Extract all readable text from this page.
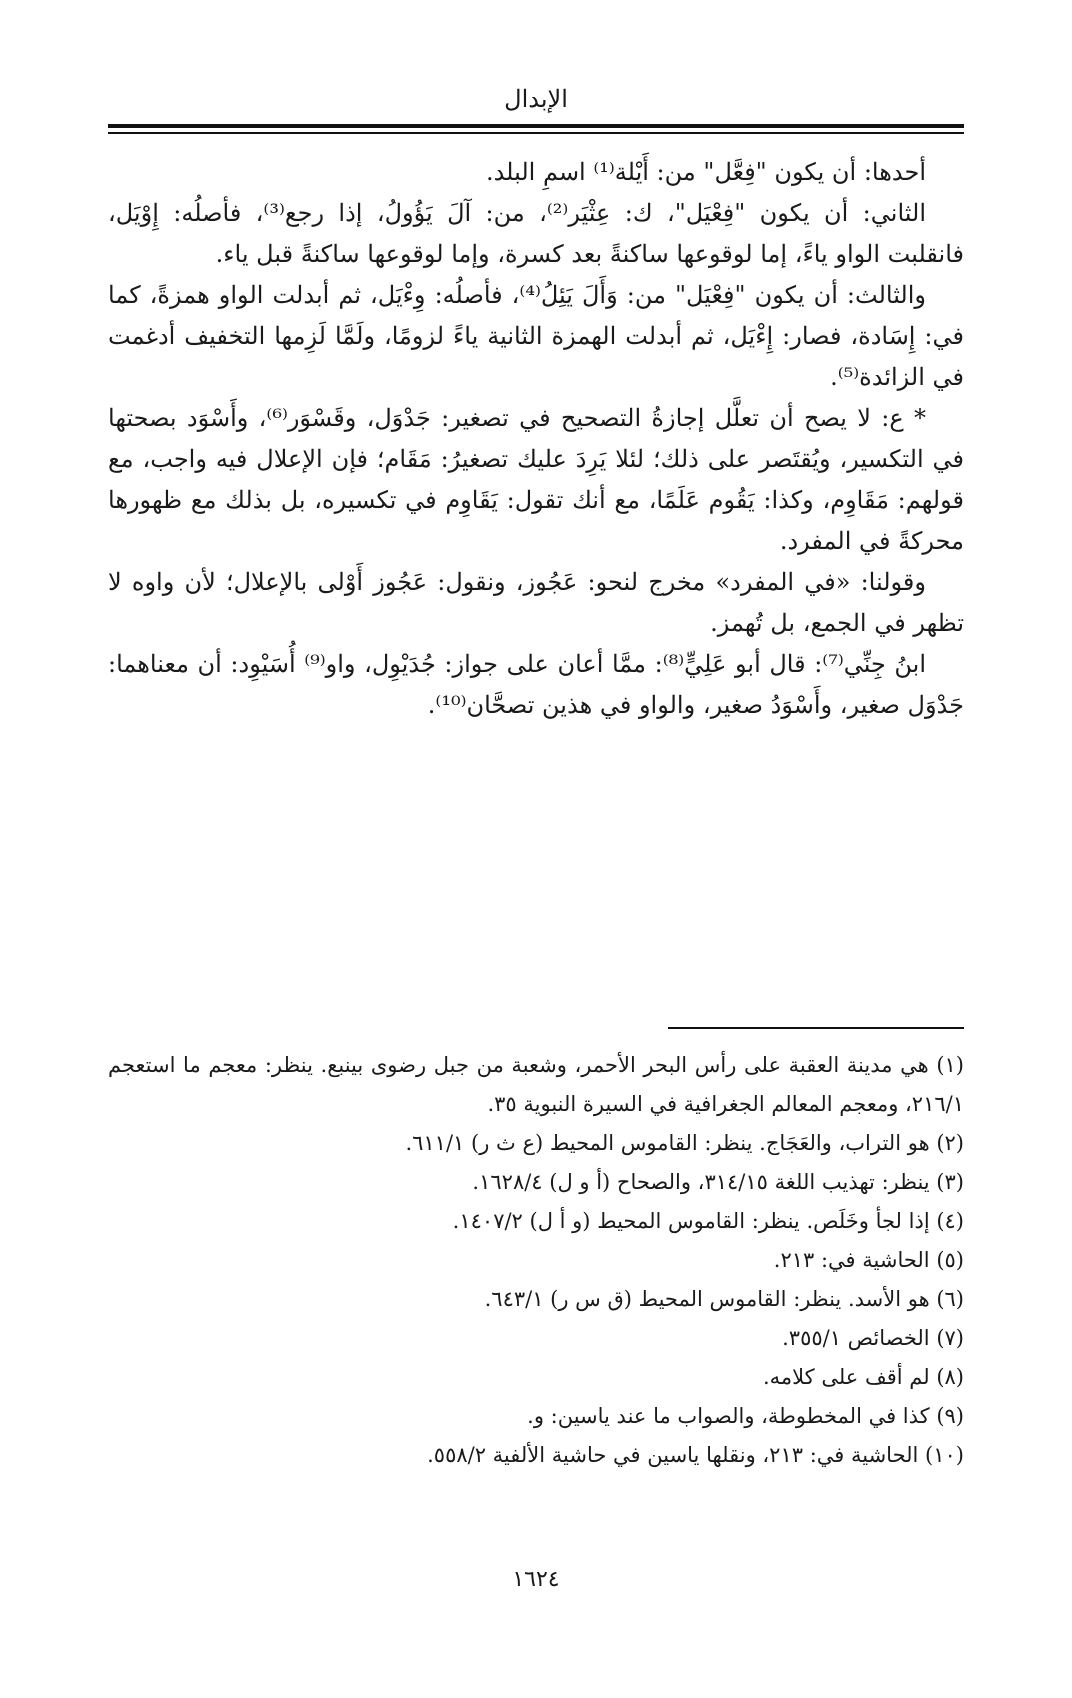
الإبدال

أحدها: أن يكون "فِعَّل" من: أَيْلة⁽¹⁾ اسمِ البلد.

الثاني: أن يكون "فِعْيَل"، ك: عِثْيَر⁽²⁾، من: آلَ يَؤُولُ، إذا رجع⁽³⁾، فأصلُه: إِوْيَل، فانقلبت الواو ياءً، إما لوقوعها ساكنةً بعد كسرة، وإما لوقوعها ساكنةً قبل ياء.

والثالث: أن يكون "فِعْيَل" من: وَأَلَ يَئِلُ⁽⁴⁾، فأصلُه: وِءْيَل، ثم أبدلت الواو همزةً، كما في: إِسَادة، فصار: إِءْيَل، ثم أبدلت الهمزة الثانية ياءً لزومًا، ولَمَّا لَزِمها التخفيف أدغمت في الزائدة⁽⁵⁾.

* ع: لا يصح أن تعلَّل إجازةُ التصحيح في تصغير: جَدْوَل، وقَسْوَر⁽⁶⁾، وأَسْوَد بصحتها في التكسير، ويُقتَصر على ذلك؛ لئلا يَرِدَ عليك تصغيرُ: مَقَام؛ فإن الإعلال فيه واجب، مع قولهم: مَقَاوِم، وكذا: يَقُوم عَلَمًا، مع أنك تقول: يَقَاوِم في تكسيره، بل بذلك مع ظهورها محركةً في المفرد.

وقولنا: «في المفرد» مخرج لنحو: عَجُوز، ونقول: عَجُوز أَوْلى بالإعلال؛ لأن واوه لا تظهر في الجمع، بل تُهمز.

ابنُ جِنِّي⁽⁷⁾: قال أبو عَلِيٍّ⁽⁸⁾: ممَّا أعان على جواز: جُدَيْوِل، واو⁽⁹⁾ أُسَيْوِد: أن معناهما: جَدْوَل صغير، وأَسْوَدُ صغير، والواو في هذين تصحَّان⁽¹⁰⁾.

(١) هي مدينة العقبة على رأس البحر الأحمر، وشعبة من جبل رضوى بينبع. ينظر: معجم ما استعجم ٢١٦/١، ومعجم المعالم الجغرافية في السيرة النبوية ٣٥.

(٢) هو التراب، والعَجَاج. ينظر: القاموس المحيط (ع ث ر) ٦١١/١.

(٣) ينظر: تهذيب اللغة ٣١٤/١٥، والصحاح (أ و ل) ١٦٢٨/٤.

(٤) إذا لجأ وخَلَص. ينظر: القاموس المحيط (و أ ل) ١٤٠٧/٢.

(٥) الحاشية في: ٢١٣.

(٦) هو الأسد. ينظر: القاموس المحيط (ق س ر) ٦٤٣/١.

(٧) الخصائص ٣٥٥/١.

(٨) لم أقف على كلامه.

(٩) كذا في المخطوطة، والصواب ما عند ياسين: و.

(١٠) الحاشية في: ٢١٣، ونقلها ياسين في حاشية الألفية ٥٥٨/٢.

١٦٢٤
